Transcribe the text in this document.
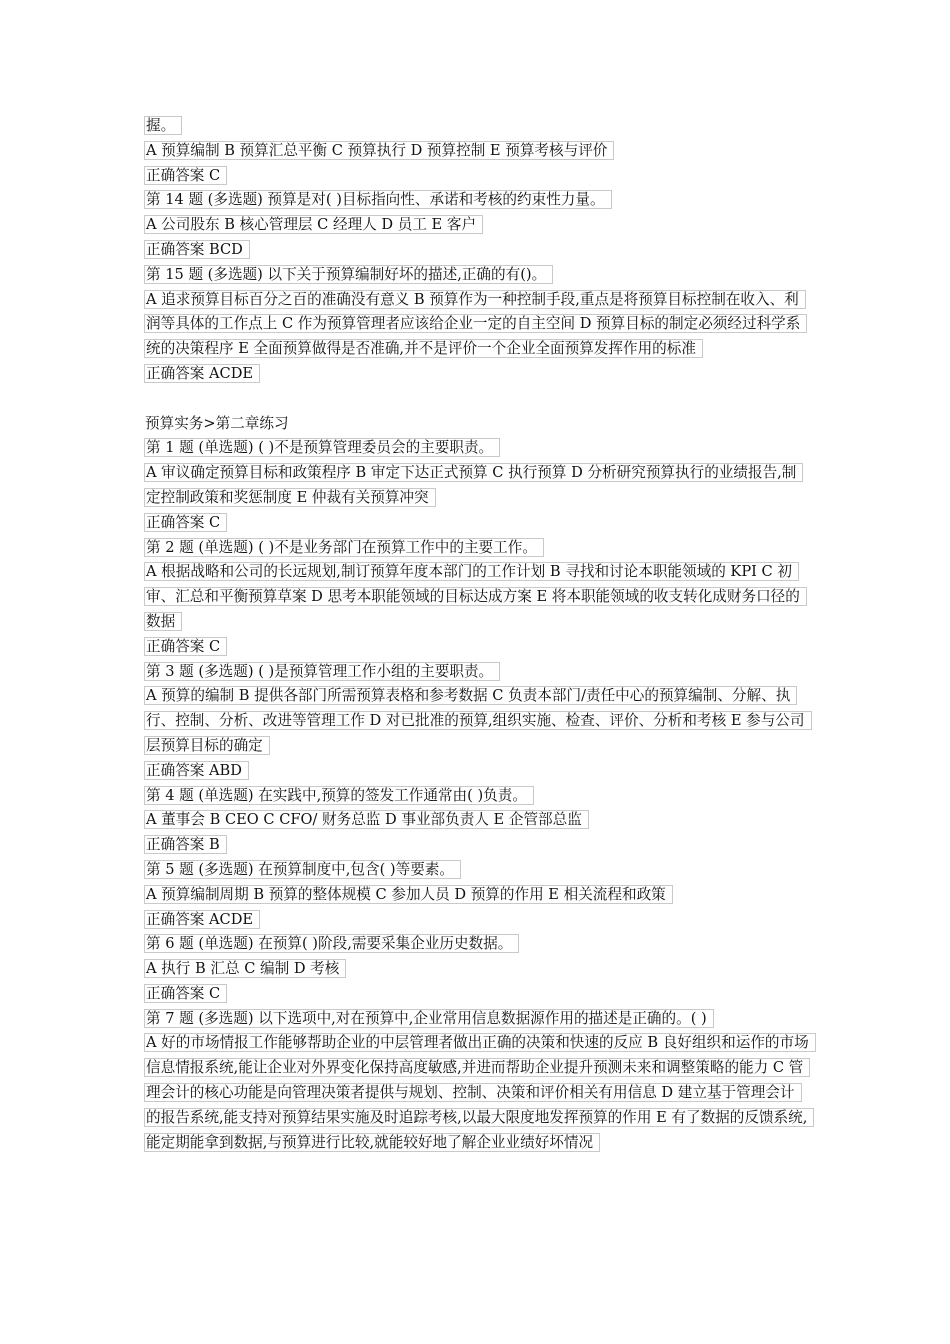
握。

A 预算编制 B 预算汇总平衡 C 预算执行 D 预算控制 E 预算考核与评价

正确答案 C

第 14 题 (多选题) 预算是对( )目标指向性、承诺和考核的约束性力量。

A 公司股东 B 核心管理层 C 经理人 D 员工 E 客户

正确答案 BCD

第 15 题 (多选题) 以下关于预算编制好坏的描述,正确的有()。

A 追求预算目标百分之百的准确没有意义 B 预算作为一种控制手段,重点是将预算目标控制在收入、利润等具体的工作点上 C 作为预算管理者应该给企业一定的自主空间 D 预算目标的制定必须经过科学系统的决策程序 E 全面预算做得是否准确,并不是评价一个企业全面预算发挥作用的标准

正确答案 ACDE

预算实务>第二章练习

第 1 题 (单选题) ( )不是预算管理委员会的主要职责。

A 审议确定预算目标和政策程序 B 审定下达正式预算 C 执行预算 D 分析研究预算执行的业绩报告,制定控制政策和奖惩制度 E 仲裁有关预算冲突

正确答案 C

第 2 题 (单选题) ( )不是业务部门在预算工作中的主要工作。

A 根据战略和公司的长远规划,制订预算年度本部门的工作计划 B 寻找和讨论本职能领域的 KPI C 初审、汇总和平衡预算草案 D 思考本职能领域的目标达成方案 E 将本职能领域的收支转化成财务口径的数据

正确答案 C

第 3 题 (多选题) ( )是预算管理工作小组的主要职责。

A 预算的编制 B 提供各部门所需预算表格和参考数据 C 负责本部门/责任中心的预算编制、分解、执行、控制、分析、改进等管理工作 D 对已批准的预算,组织实施、检查、评价、分析和考核 E 参与公司层预算目标的确定

正确答案 ABD

第 4 题 (单选题) 在实践中,预算的签发工作通常由( )负责。

A 董事会 B CEO C CFO/ 财务总监 D 事业部负责人 E 企管部总监

正确答案 B

第 5 题 (多选题) 在预算制度中,包含( )等要素。

A 预算编制周期 B 预算的整体规模 C 参加人员 D 预算的作用 E 相关流程和政策

正确答案 ACDE

第 6 题 (单选题) 在预算( )阶段,需要采集企业历史数据。

A 执行 B 汇总 C 编制 D 考核

正确答案 C

第 7 题 (多选题) 以下选项中,对在预算中,企业常用信息数据源作用的描述是正确的。( )

A 好的市场情报工作能够帮助企业的中层管理者做出正确的决策和快速的反应 B 良好组织和运作的市场信息情报系统,能让企业对外界变化保持高度敏感,并进而帮助企业提升预测未来和调整策略的能力 C 管理会计的核心功能是向管理决策者提供与规划、控制、决策和评价相关有用信息 D 建立基于管理会计的报告系统,能支持对预算结果实施及时追踪考核,以最大限度地发挥预算的作用 E 有了数据的反馈系统,能定期能拿到数据,与预算进行比较,就能较好地了解企业业绩好坏情况
